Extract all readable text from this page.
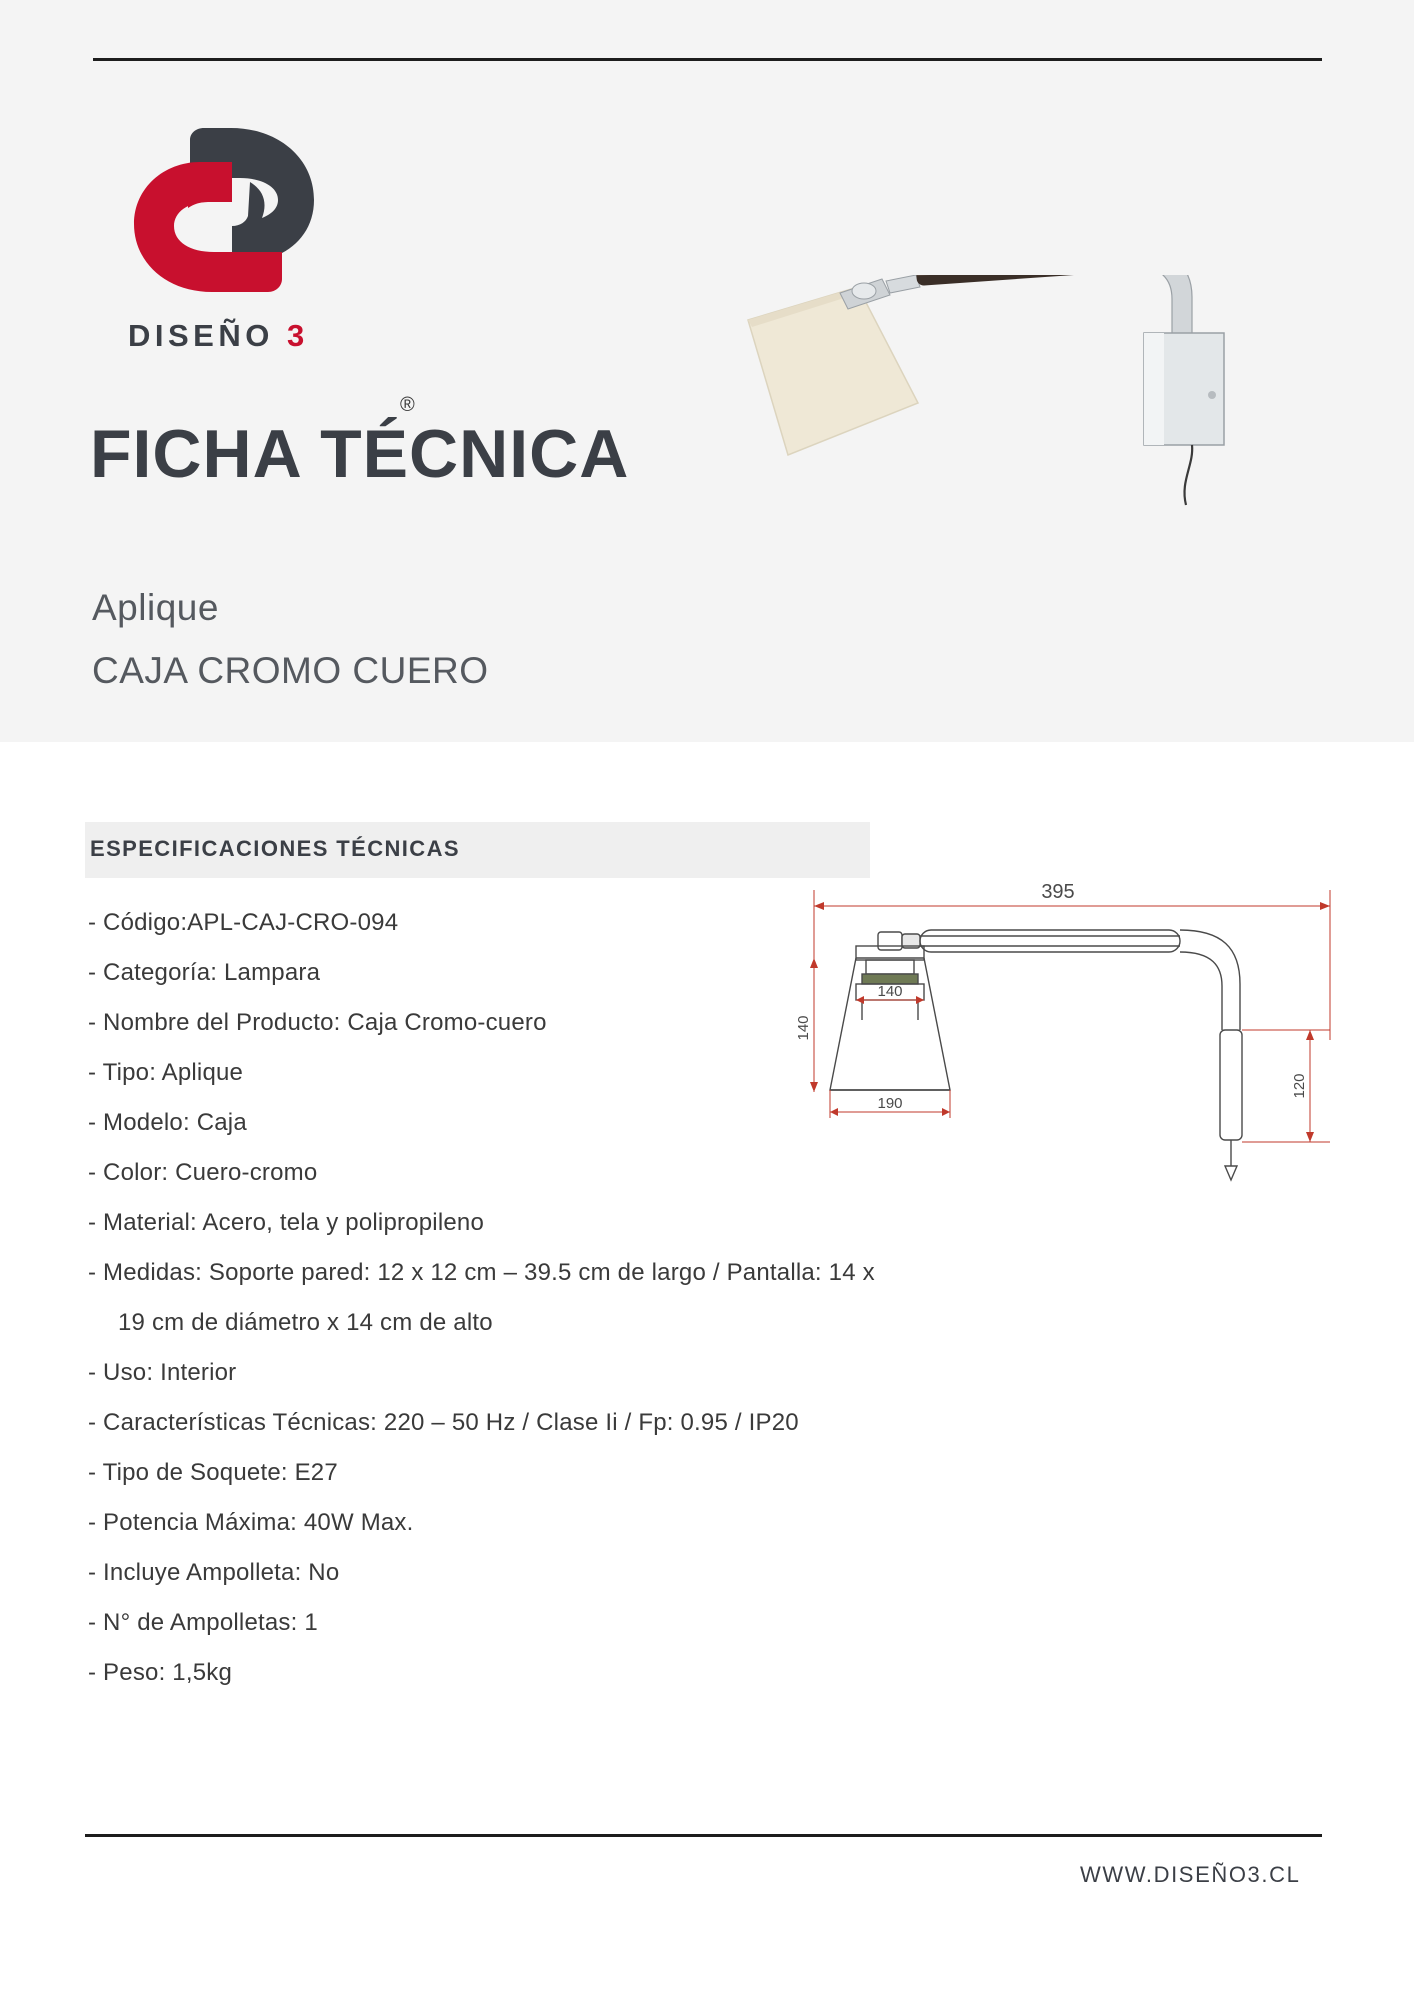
®
DISEÑO 3
FICHA TÉCNICA
Aplique
CAJA CROMO CUERO
ESPECIFICACIONES TÉCNICAS
- Código:APL-CAJ-CRO-094
- Categoría: Lampara
- Nombre del Producto: Caja Cromo-cuero
- Tipo: Aplique
- Modelo: Caja
- Color: Cuero-cromo
- Material: Acero, tela y polipropileno
- Medidas: Soporte pared: 12 x 12 cm – 39.5 cm de largo / Pantalla: 14 x 19 cm de diámetro x 14 cm de alto
- Uso: Interior
- Características Técnicas: 220 – 50 Hz / Clase Ii / Fp: 0.95 / IP20
- Tipo de Soquete: E27
- Potencia Máxima: 40W Max.
- Incluye Ampolleta: No
- N° de Ampolletas: 1
- Peso: 1,5kg
395
140
140
190
120
WWW.DISEÑO3.CL
